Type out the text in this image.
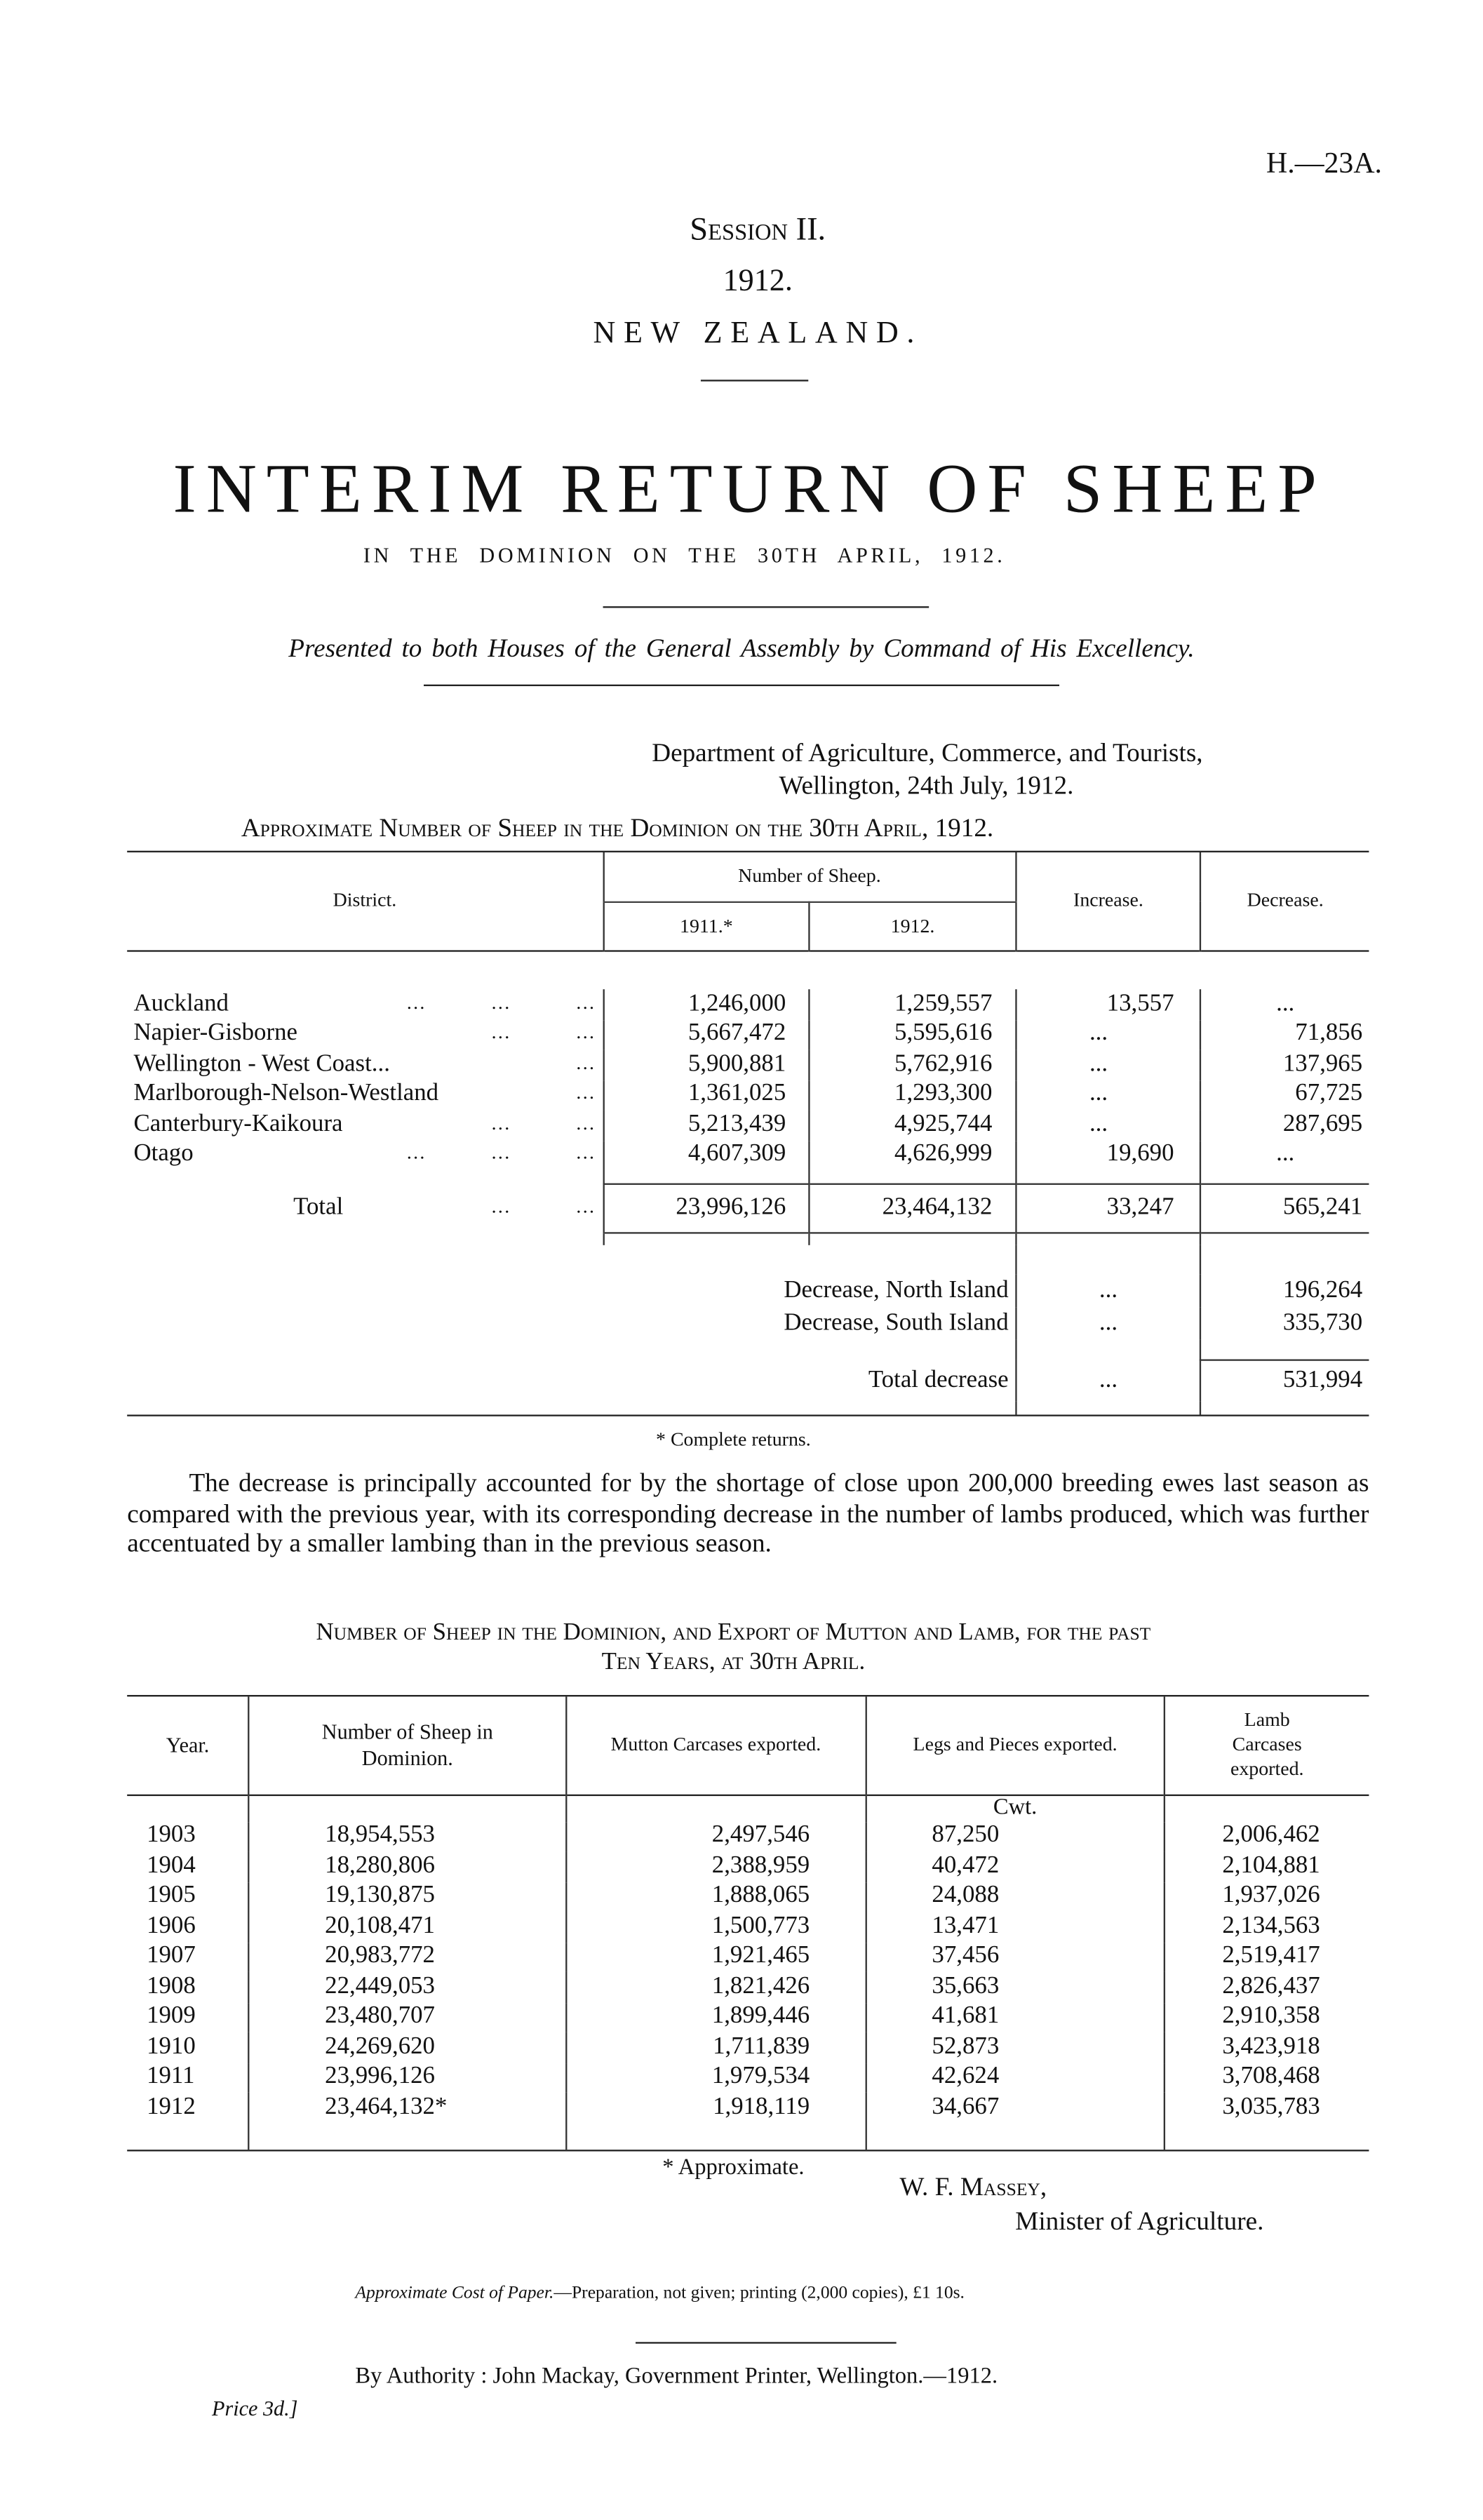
H.—23A.
Session II.
1912.
NEW ZEALAND.
INTERIM RETURN OF SHEEP
IN THE DOMINION ON THE 30TH APRIL, 1912.
Presented to both Houses of the General Assembly by Command of His Excellency.
Department of Agriculture, Commerce, and Tourists,
Wellington, 24th July, 1912.
Approximate Number of Sheep in the Dominion on the 30th April, 1912.
District.	Number of Sheep.		Increase.	Decrease.
	1911.*	1912.		

Auckland ...          ...          ...	1,246,000	1,259,557	13,557	...
Napier-Gisborne ...          ...	5,667,472	5,595,616	...	71,856
Wellington - West Coast... ...	5,900,881	5,762,916	...	137,965
Marlborough-Nelson-Westland ...	1,361,025	1,293,300	...	67,725
Canterbury-Kaikoura ...          ...	5,213,439	4,925,744	...	287,695
Otago ...          ...          ...	4,607,309	4,626,999	19,690	...

Total ...          ...	23,996,126	23,464,132	33,247	565,241

Decrease, North Island			...	196,264
Decrease, South Island			...	335,730

Total decrease			...	531,994

* Complete returns.
The decrease is principally accounted for by the shortage of close upon 200,000 breeding ewes last season as compared with the previous year, with its corresponding decrease in the number of lambs produced, which was further accentuated by a smaller lambing than in the previous season.
Number of Sheep in the Dominion, and Export of Mutton and Lamb, for the past
Ten Years, at 30th April.
Year.	Number of Sheep in Dominion.	Mutton Carcases exported.	Legs and Pieces exported.	Lamb Carcases exported.
			Cwt.	
1903	18,954,553	2,497,546	87,250	2,006,462
1904	18,280,806	2,388,959	40,472	2,104,881
1905	19,130,875	1,888,065	24,088	1,937,026
1906	20,108,471	1,500,773	13,471	2,134,563
1907	20,983,772	1,921,465	37,456	2,519,417
1908	22,449,053	1,821,426	35,663	2,826,437
1909	23,480,707	1,899,446	41,681	2,910,358
1910	24,269,620	1,711,839	52,873	3,423,918
1911	23,996,126	1,979,534	42,624	3,708,468
1912	23,464,132*	1,918,119	34,667	3,035,783

* Approximate.
W. F. Massey,
Minister of Agriculture.
Approximate Cost of Paper.—Preparation, not given; printing (2,000 copies), £1 10s.
By Authority : John Mackay, Government Printer, Wellington.—1912.
Price 3d.]
